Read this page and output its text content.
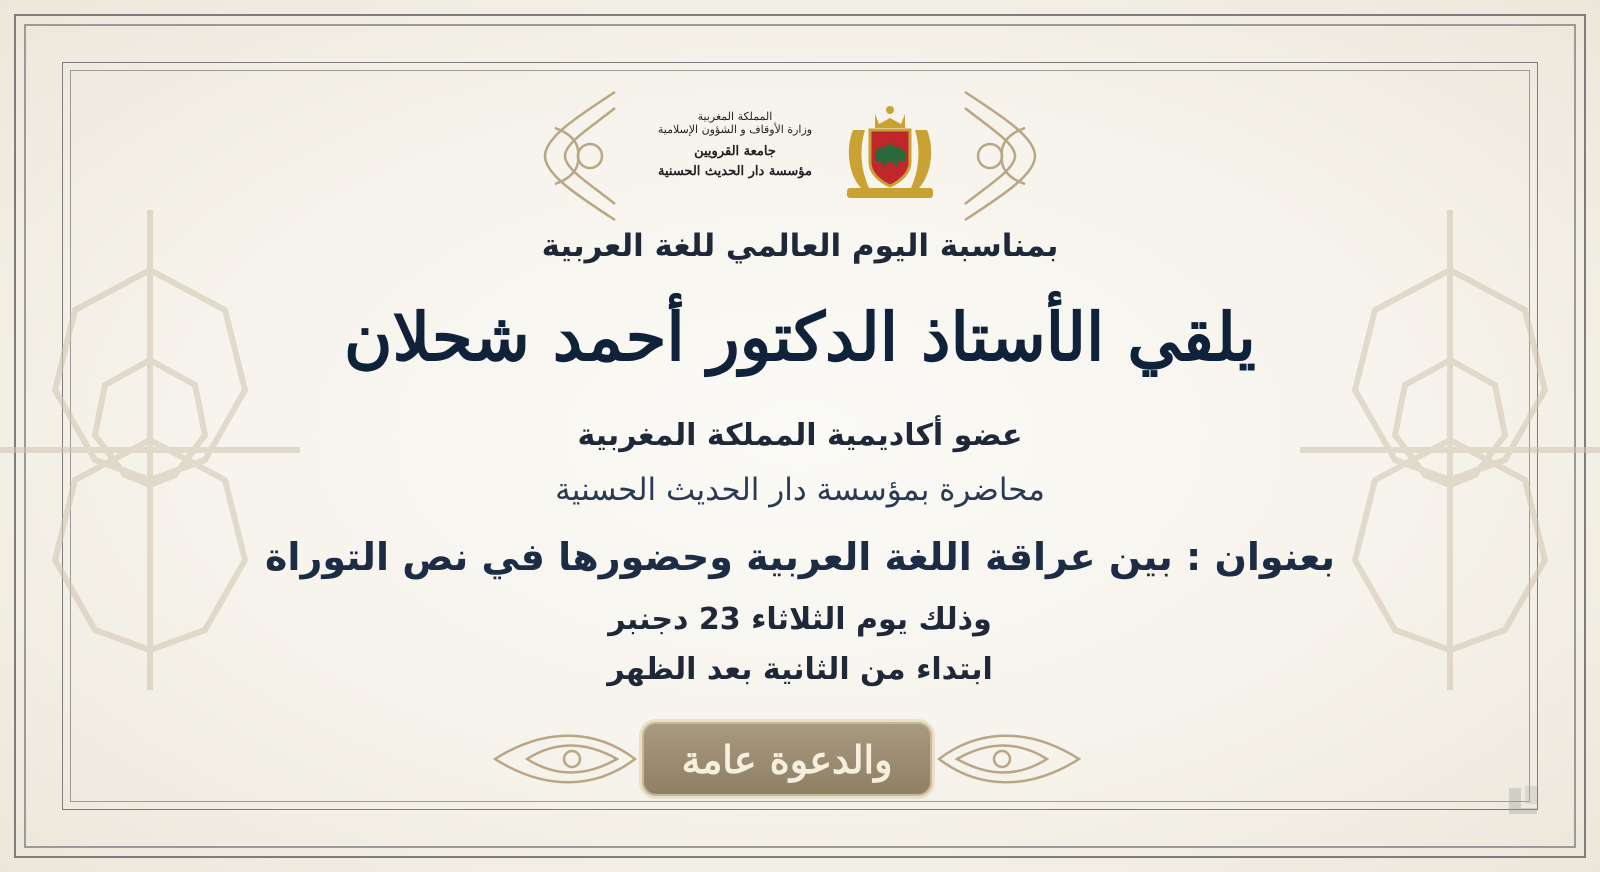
المملكة المغربية
وزارة الأوقاف و الشؤون الإسلامية
جامعة القرويين
مؤسسة دار الحديث الحسنية
بمناسبة اليوم العالمي للغة العربية
يلقي الأستاذ الدكتور أحمد شحلان
عضو أكاديمية المملكة المغربية
محاضرة بمؤسسة دار الحديث الحسنية
بعنوان : بين عراقة اللغة العربية وحضورها في نص التوراة
وذلك يوم الثلاثاء 23 دجنبر
ابتداء من الثانية بعد الظهر
والدعوة عامة
